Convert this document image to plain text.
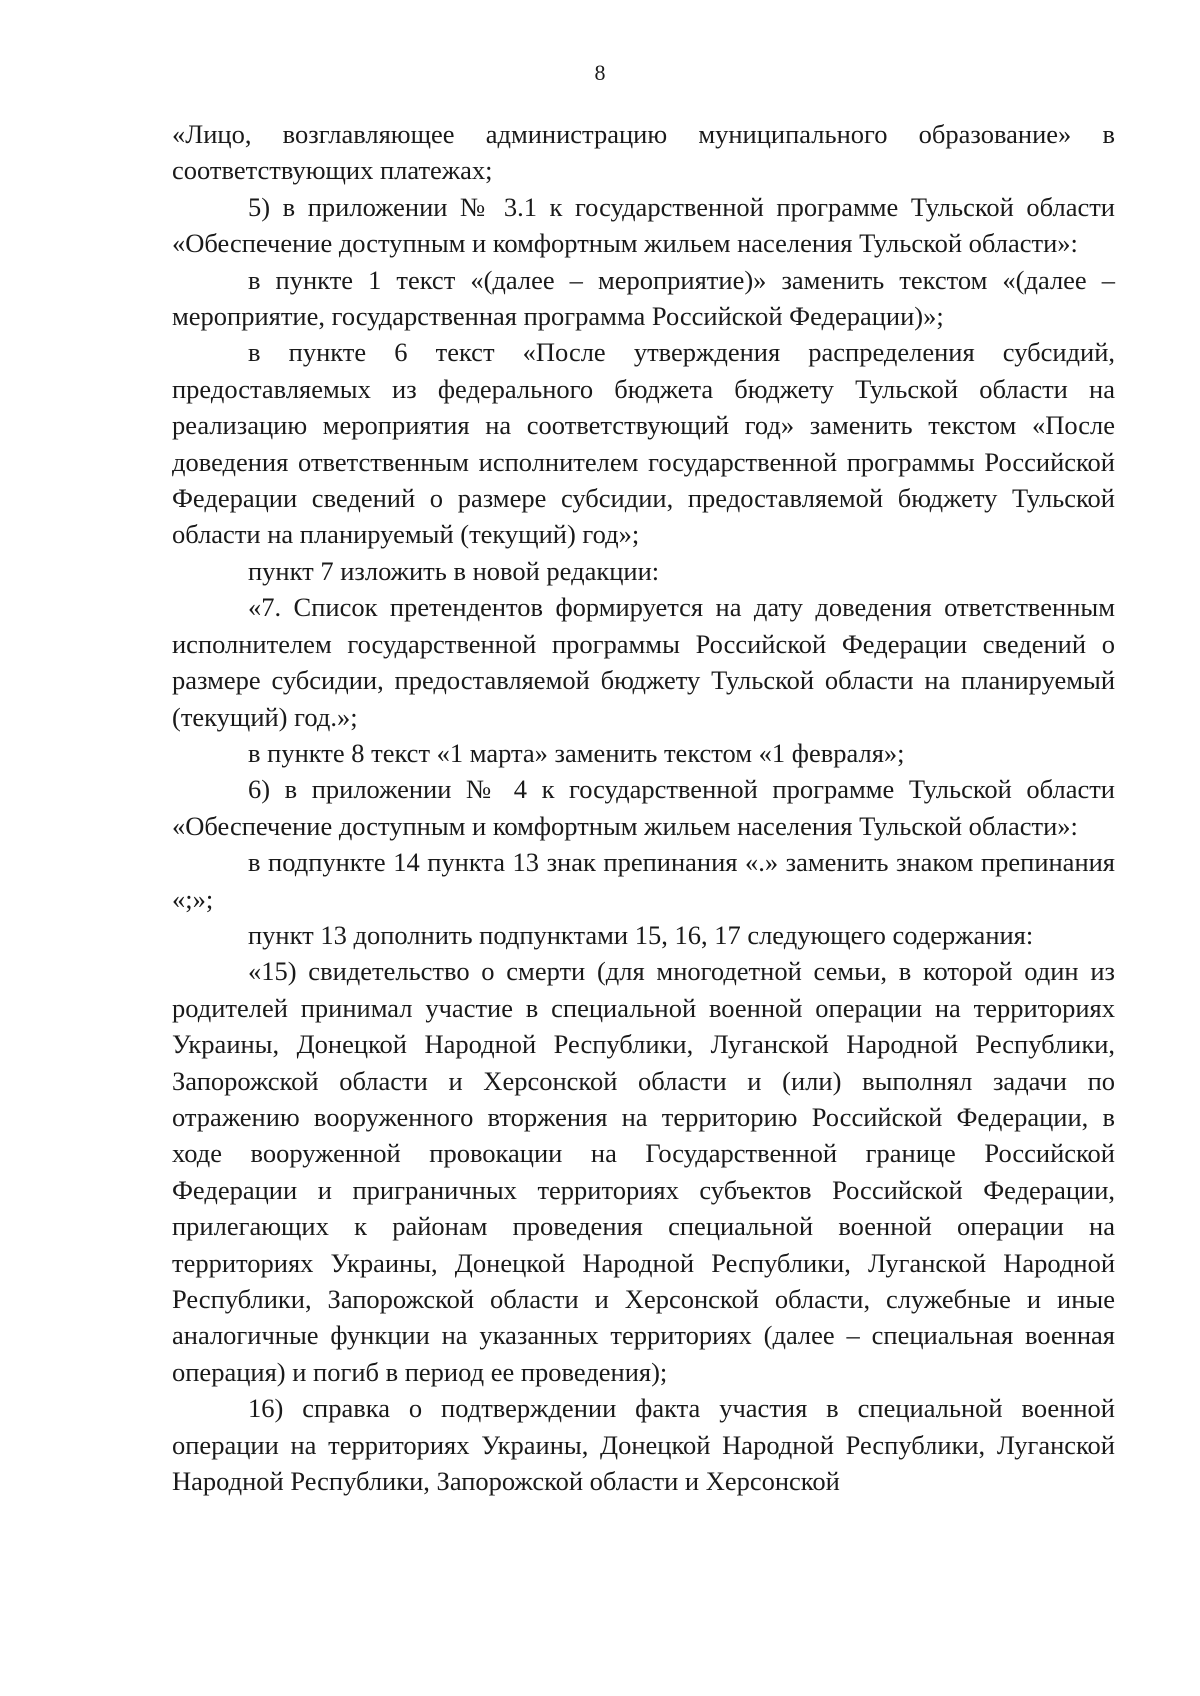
8

«Лицо, возглавляющее администрацию муниципального образование» в соответствующих платежах;

5) в приложении № 3.1 к государственной программе Тульской области «Обеспечение доступным и комфортным жильем населения Тульской области»:

в пункте 1 текст «(далее – мероприятие)» заменить текстом «(далее – мероприятие, государственная программа Российской Федерации)»;

в пункте 6 текст «После утверждения распределения субсидий, предоставляемых из федерального бюджета бюджету Тульской области на реализацию мероприятия на соответствующий год» заменить текстом «После доведения ответственным исполнителем государственной программы Российской Федерации сведений о размере субсидии, предоставляемой бюджету Тульской области на планируемый (текущий) год»;

пункт 7 изложить в новой редакции:

«7. Список претендентов формируется на дату доведения ответственным исполнителем государственной программы Российской Федерации сведений о размере субсидии, предоставляемой бюджету Тульской области на планируемый (текущий) год.»;

в пункте 8 текст «1 марта» заменить текстом «1 февраля»;

6) в приложении № 4 к государственной программе Тульской области «Обеспечение доступным и комфортным жильем населения Тульской области»:

в подпункте 14 пункта 13 знак препинания «.» заменить знаком препинания «;»;

пункт 13 дополнить подпунктами 15, 16, 17 следующего содержания:

«15) свидетельство о смерти (для многодетной семьи, в которой один из родителей принимал участие в специальной военной операции на территориях Украины, Донецкой Народной Республики, Луганской Народной Республики, Запорожской области и Херсонской области и (или) выполнял задачи по отражению вооруженного вторжения на территорию Российской Федерации, в ходе вооруженной провокации на Государственной границе Российской Федерации и приграничных территориях субъектов Российской Федерации, прилегающих к районам проведения специальной военной операции на территориях Украины, Донецкой Народной Республики, Луганской Народной Республики, Запорожской области и Херсонской области, служебные и иные аналогичные функции на указанных территориях (далее – специальная военная операция) и погиб в период ее проведения);

16) справка о подтверждении факта участия в специальной военной операции на территориях Украины, Донецкой Народной Республики, Луганской Народной Республики, Запорожской области и Херсонской
